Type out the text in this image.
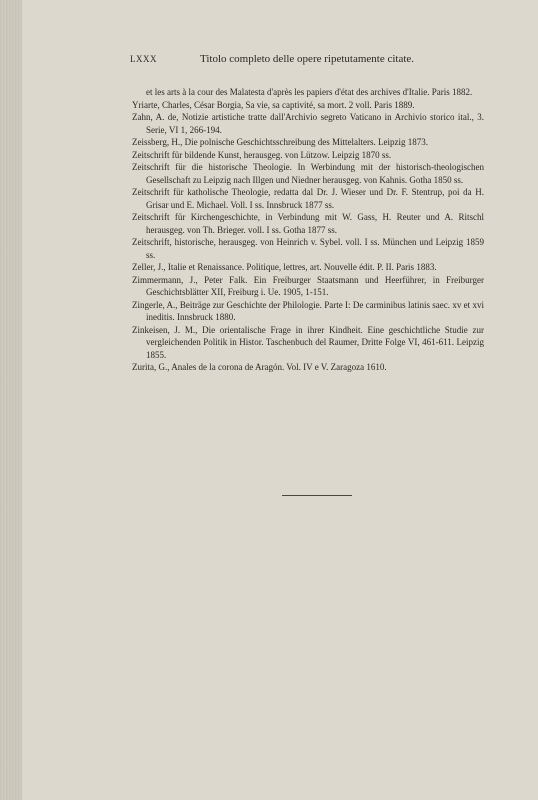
LXXX	Titolo completo delle opere ripetutamente citate.

et les arts à la cour des Malatesta d'après les papiers d'état des archives d'Italie. Paris 1882.

Yriarte, Charles, César Borgia, Sa vie, sa captivité, sa mort. 2 voll. Paris 1889.

Zahn, A. de, Notizie artistiche tratte dall'Archivio segreto Vaticano in Archivio storico ital., 3. Serie, VI 1, 266-194.

Zeissberg, H., Die polnische Geschichtsschreibung des Mittelalters. Leipzig 1873.

Zeitschrift für bildende Kunst, herausgeg. von Lützow. Leipzig 1870 ss.

Zeitschrift für die historische Theologie. In Werbindung mit der historisch-theologischen Gesellschaft zu Leipzig nach Illgen und Niedner herausgeg. von Kahnis. Gotha 1850 ss.

Zeitschrift für katholische Theologie, redatta dal Dr. J. Wieser und Dr. F. Stentrup, poi da H. Grisar und E. Michael. Voll. I ss. Innsbruck 1877 ss.

Zeitschrift für Kirchengeschichte, in Verbindung mit W. Gass, H. Reuter und A. Ritschl herausgeg. von Th. Brieger. voll. I ss. Gotha 1877 ss.

Zeitschrift, historische, herausgeg. von Heinrich v. Sybel. voll. I ss. München und Leipzig 1859 ss.

Zeller, J., Italie et Renaissance. Politique, lettres, art. Nouvelle édit. P. II. Paris 1883.

Zimmermann, J., Peter Falk. Ein Freiburger Staatsmann und Heerführer, in Freiburger Geschichtsblätter XII, Freiburg i. Ue. 1905, 1-151.

Zingerle, A., Beiträge zur Geschichte der Philologie. Parte I: De carminibus latinis saec. xv et xvi ineditis. Innsbruck 1880.

Zinkeisen, J. M., Die orientalische Frage in ihrer Kindheit. Eine geschichtliche Studie zur vergleichenden Politik in Histor. Taschenbuch del Raumer, Dritte Folge VI, 461-611. Leipzig 1855.

Zurita, G., Anales de la corona de Aragón. Vol. IV e V. Zaragoza 1610.
